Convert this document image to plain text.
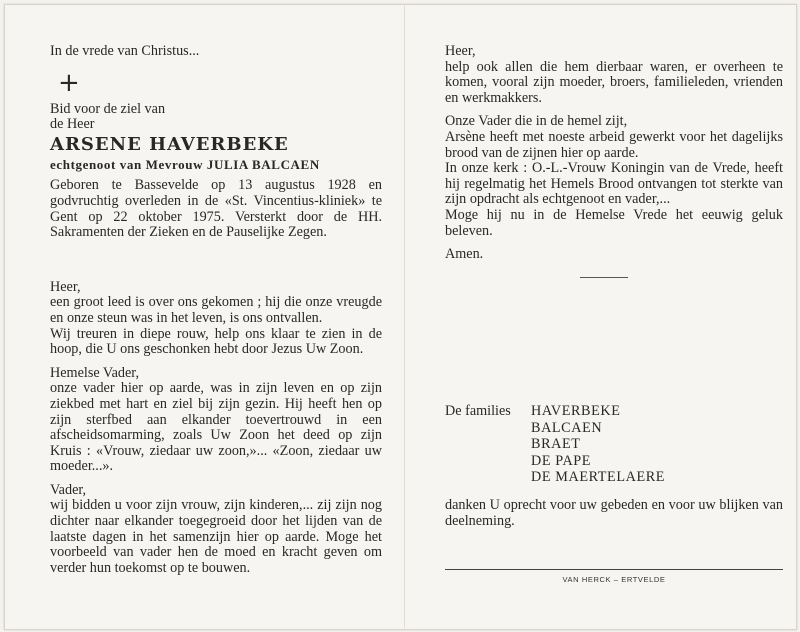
In de vrede van Christus...

+

Bid voor de ziel van

de Heer

ARSENE HAVERBEKE

echtgenoot van Mevrouw JULIA BALCAEN

Geboren te Bassevelde op 13 augustus 1928 en godvruchtig overleden in de «St. Vincentius-kliniek» te Gent op 22 oktober 1975. Versterkt door de HH. Sakramenten der Zieken en de Pauselijke Zegen.

Heer,

een groot leed is over ons gekomen ; hij die onze vreugde en onze steun was in het leven, is ons ontvallen.

Wij treuren in diepe rouw, help ons klaar te zien in de hoop, die U ons geschonken hebt door Jezus Uw Zoon.

Hemelse Vader,

onze vader hier op aarde, was in zijn leven en op zijn ziekbed met hart en ziel bij zijn gezin. Hij heeft hen op zijn sterfbed aan elkander toevertrouwd in een afscheidsomarming, zoals Uw Zoon het deed op zijn Kruis : «Vrouw, ziedaar uw zoon,»... «Zoon, ziedaar uw moeder...».

Vader,

wij bidden u voor zijn vrouw, zijn kinderen,... zij zijn nog dichter naar elkander toegegroeid door het lijden van de laatste dagen in het samenzijn hier op aarde. Moge het voorbeeld van vader hen de moed en kracht geven om verder hun toekomst op te bouwen.

Heer,

help ook allen die hem dierbaar waren, er overheen te komen, vooral zijn moeder, broers, familieleden, vrienden en werkmakkers.

Onze Vader die in de hemel zijt,

Arsène heeft met noeste arbeid gewerkt voor het dagelijks brood van de zijnen hier op aarde.

In onze kerk : O.-L.-Vrouw Koningin van de Vrede, heeft hij regelmatig het Hemels Brood ontvangen tot sterkte van zijn opdracht als echtgenoot en vader,...

Moge hij nu in de Hemelse Vrede het eeuwig geluk beleven.

Amen.

De families HAVERBEKE
BALCAEN
BRAET
DE PAPE
DE MAERTELAERE

danken U oprecht voor uw gebeden en voor uw blijken van deelneming.

VAN HERCK – ERTVELDE
